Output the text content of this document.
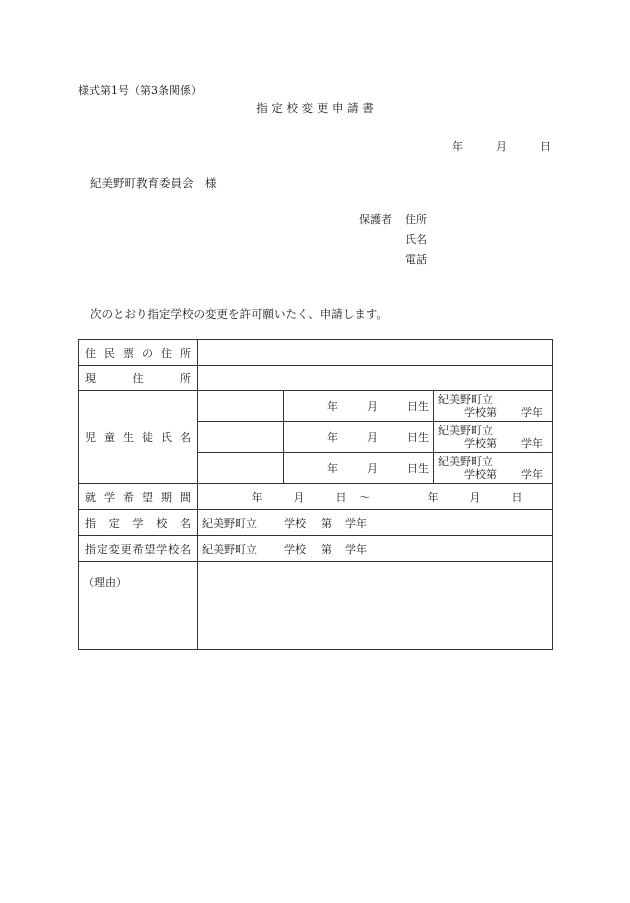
様式第1号（第3条関係）
指 定 校 変 更 申 請 書
年	月	日
紀美野町教育委員会　様
保護者 住所
氏名
電話
次のとおり指定学校の変更を許可願いたく、申請します。
住 民 票 の 住 所			
現 住 所			
児 童 生 徒 氏 名		年 月 日生	紀美野町立
学校第 学年

		年 月 日生	紀美野町立
学校第 学年

		年 月 日生	紀美野町立
学校第 学年

就 学 希 望 期 間	年 月 日 ～ 年 月 日		
指 定 学 校 名	紀美野町立 学校 第 学年		
指定変更希望学校名	紀美野町立 学校 第 学年		
（理由）			
